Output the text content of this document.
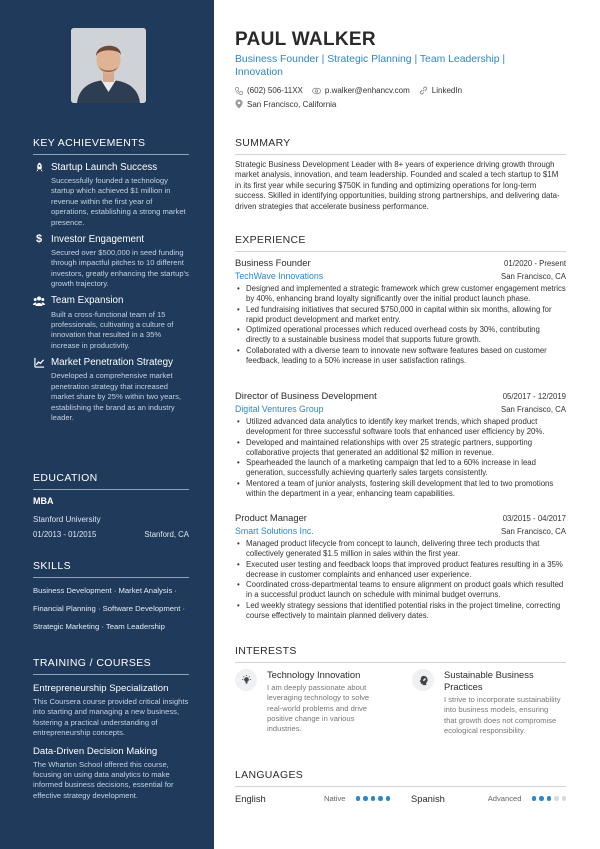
KEY ACHIEVEMENTS
Startup Launch Success
Successfully founded a technology startup which achieved $1 million in revenue within the first year of operations, establishing a strong market presence.
$ Investor Engagement
Secured over $500,000 in seed funding through impactful pitches to 10 different investors, greatly enhancing the startup's growth trajectory.
Team Expansion
Built a cross-functional team of 15 professionals, cultivating a culture of innovation that resulted in a 35% increase in productivity.
Market Penetration Strategy
Developed a comprehensive market penetration strategy that increased market share by 25% within two years, establishing the brand as an industry leader.
EDUCATION
MBA
Stanford University
01/2013 - 01/2015	Stanford, CA
SKILLS
Business Development · Market Analysis ·
Financial Planning · Software Development ·
Strategic Marketing · Team Leadership
TRAINING / COURSES
Entrepreneurship Specialization
This Coursera course provided critical insights into starting and managing a new business, fostering a practical understanding of entrepreneurship concepts.
Data-Driven Decision Making
The Wharton School offered this course, focusing on using data analytics to make informed business decisions, essential for effective strategy development.
PAUL WALKER
Business Founder | Strategic Planning | Team Leadership | Innovation
(602) 506-11XX	p.walker@enhancv.com	LinkedIn
San Francisco, California
SUMMARY
Strategic Business Development Leader with 8+ years of experience driving growth through market analysis, innovation, and team leadership. Founded and scaled a tech startup to $1M in its first year while securing $750K in funding and optimizing operations for long-term success. Skilled in identifying opportunities, building strong partnerships, and delivering data-driven strategies that accelerate business performance.
EXPERIENCE
Business Founder	01/2020 - Present
TechWave Innovations	San Francisco, CA
• Designed and implemented a strategic framework which grew customer engagement metrics by 40%, enhancing brand loyalty significantly over the initial product launch phase.
• Led fundraising initiatives that secured $750,000 in capital within six months, allowing for rapid product development and market entry.
• Optimized operational processes which reduced overhead costs by 30%, contributing directly to a sustainable business model that supports future growth.
• Collaborated with a diverse team to innovate new software features based on customer feedback, leading to a 50% increase in user satisfaction ratings.
Director of Business Development	05/2017 - 12/2019
Digital Ventures Group	San Francisco, CA
• Utilized advanced data analytics to identify key market trends, which shaped product development for three successful software tools that enhanced user efficiency by 20%.
• Developed and maintained relationships with over 25 strategic partners, supporting collaborative projects that generated an additional $2 million in revenue.
• Spearheaded the launch of a marketing campaign that led to a 60% increase in lead generation, successfully achieving quarterly sales targets consistently.
• Mentored a team of junior analysts, fostering skill development that led to two promotions within the department in a year, enhancing team capabilities.
Product Manager	03/2015 - 04/2017
Smart Solutions Inc.	San Francisco, CA
• Managed product lifecycle from concept to launch, delivering three tech products that collectively generated $1.5 million in sales within the first year.
• Executed user testing and feedback loops that improved product features resulting in a 35% decrease in customer complaints and enhanced user experience.
• Coordinated cross-departmental teams to ensure alignment on product goals which resulted in a successful product launch on schedule with minimal budget overruns.
• Led weekly strategy sessions that identified potential risks in the project timeline, correcting course effectively to maintain planned delivery dates.
INTERESTS
Technology Innovation
I am deeply passionate about leveraging technology to solve real-world problems and drive positive change in various industries.
Sustainable Business Practices
I strive to incorporate sustainability into business models, ensuring that growth does not compromise ecological responsibility.
LANGUAGES
English	Native	Spanish	Advanced
